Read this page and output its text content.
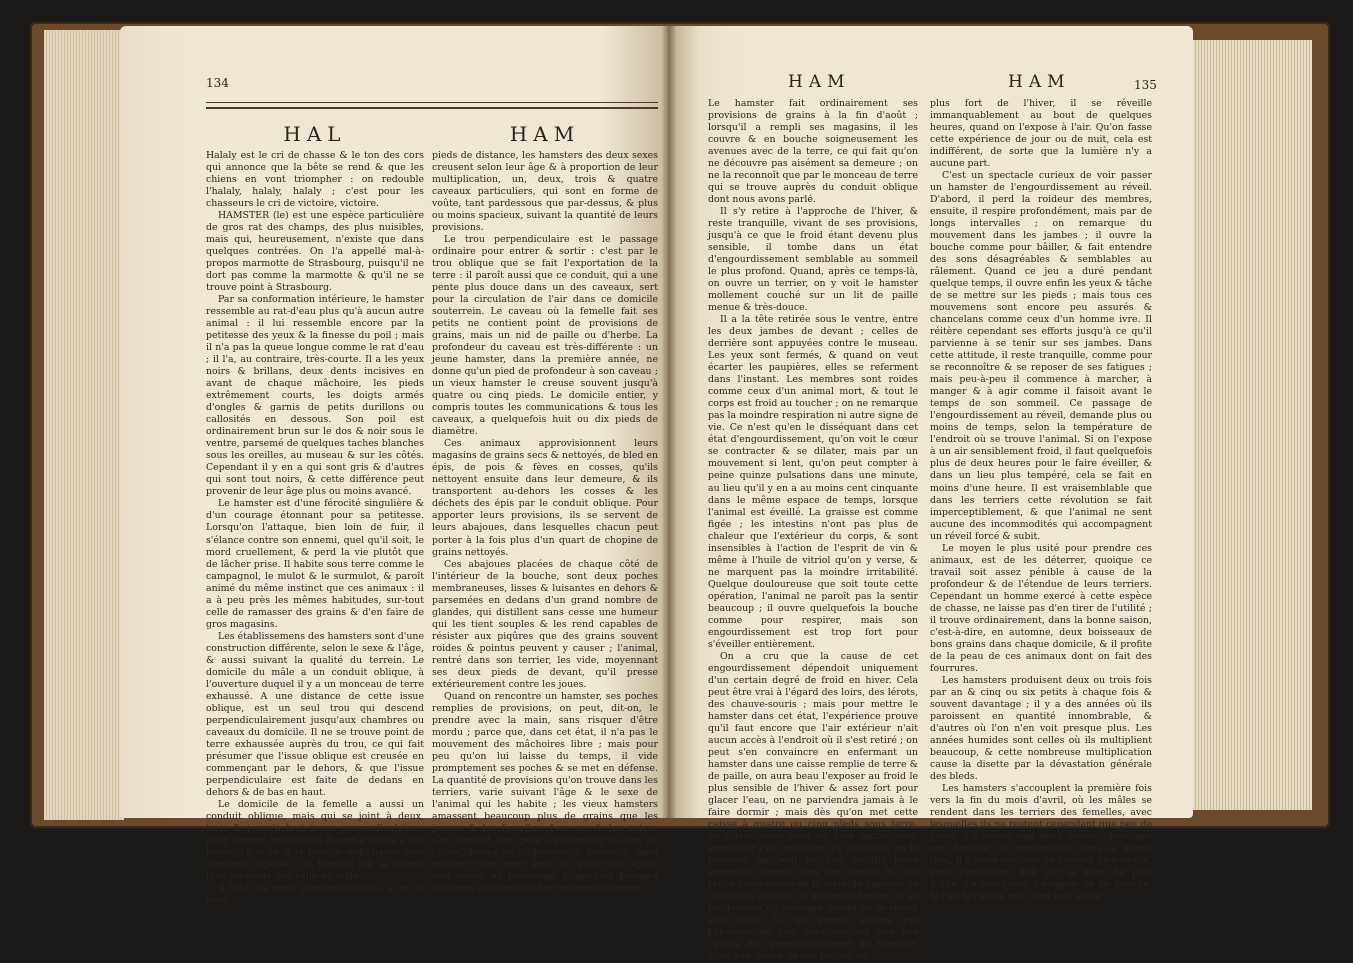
134
HAL

Halaly est le cri de chasse & le ton des cors qui annonce que la bête se rend & que les chiens en vont triompher : on redouble l'halaly, halaly, halaly ; c'est pour les chasseurs le cri de victoire, victoire.

HAMSTER (le) est une espèce particulière de gros rat des champs, des plus nuisibles, mais qui, heureusement, n'existe que dans quelques contrées. On l'a appellé mal-à-propos marmotte de Strasbourg, puisqu'il ne dort pas comme la marmotte & qu'il ne se trouve point à Strasbourg.

Par sa conformation intérieure, le hamster ressemble au rat-d'eau plus qu'à aucun autre animal : il lui ressemble encore par la petitesse des yeux & la finesse du poil ; mais il n'a pas la queue longue comme le rat d'eau ; il l'a, au contraire, très-courte. Il a les yeux noirs & brillans, deux dents incisives en avant de chaque mâchoire, les pieds extrêmement courts, les doigts armés d'ongles & garnis de petits durillons ou callosités en dessous. Son poil est ordinairement brun sur le dos & noir sous le ventre, parsemé de quelques taches blanches sous les oreilles, au museau & sur les côtés. Cependant il y en a qui sont gris & d'autres qui sont tout noirs, & cette différence peut provenir de leur âge plus ou moins avancé.

Le hamster est d'une férocité singulière & d'un courage étonnant pour sa petitesse. Lorsqu'on l'attaque, bien loin de fuir, il s'élance contre son ennemi, quel qu'il soit, le mord cruellement, & perd la vie plutôt que de lâcher prise. Il habite sous terre comme le campagnol, le mulot & le surmulot, & paroît animé du même instinct que ces animaux : il a à peu près les mêmes habitudes, sur-tout celle de ramasser des grains & d'en faire de gros magasins.

Les établissemens des hamsters sont d'une construction différente, selon le sexe & l'âge, & aussi suivant la qualité du terrein. Le domicile du mâle a un conduit oblique, à l'ouverture duquel il y a un monceau de terre exhaussé. A une distance de cette issue oblique, est un seul trou qui descend perpendiculairement jusqu'aux chambres ou caveaux du domicile. Il ne se trouve point de terre exhaussée auprès du trou, ce qui fait présumer que l'issue oblique est creusée en commençant par le dehors, & que l'issue perpendiculaire est faite de dedans en dehors & de bas en haut.

Le domicile de la femelle a aussi un conduit oblique, mais qui se joint à deux, trois & jusqu'à huit trous perpendiculaires, pour donner une entrée & sortie libres à ses petits. Le mâle & la femelle ont chacun leur demeure séparée ; la femelle fait la sienne plus profonde que celle du mâle.

A côté des trous perpendiculaires, à un ou deux

HAM

pieds de distance, les hamsters des deux sexes creusent selon leur âge & à proportion de leur multiplication, un, deux, trois & quatre caveaux particuliers, qui sont en forme de voûte, tant pardessous que par-dessus, & plus ou moins spacieux, suivant la quantité de leurs provisions.

Le trou perpendiculaire est le passage ordinaire pour entrer & sortir : c'est par le trou oblique que se fait l'exportation de la terre : il paroît aussi que ce conduit, qui a une pente plus douce dans un des caveaux, sert pour la circulation de l'air dans ce domicile souterrein. Le caveau où la femelle fait ses petits ne contient point de provisions de grains, mais un nid de paille ou d'herbe. La profondeur du caveau est très-différente : un jeune hamster, dans la première année, ne donne qu'un pied de profondeur à son caveau ; un vieux hamster le creuse souvent jusqu'à quatre ou cinq pieds. Le domicile entier, y compris toutes les communications & tous les caveaux, a quelquefois huit ou dix pieds de diamètre.

Ces animaux approvisionnent leurs magasins de grains secs & nettoyés, de bled en épis, de pois & fèves en cosses, qu'ils nettoyent ensuite dans leur demeure, & ils transportent au-dehors les cosses & les déchets des épis par le conduit oblique. Pour apporter leurs provisions, ils se servent de leurs abajoues, dans lesquelles chacun peut porter à la fois plus d'un quart de chopine de grains nettoyés.

Ces abajoues placées de chaque côté de l'intérieur de la bouche, sont deux poches membraneuses, lisses & luisantes en dehors & parsemées en dedans d'un grand nombre de glandes, qui distillent sans cesse une humeur qui les tient souples & les rend capables de résister aux piqûres que des grains souvent roides & pointus peuvent y causer ; l'animal, rentré dans son terrier, les vide, moyennant ses deux pieds de devant, qu'il presse extérieurement contre les joues.

Quand on rencontre un hamster, ses poches remplies de provisions, on peut, dit-on, le prendre avec la main, sans risquer d'être mordu ; parce que, dans cet état, il n'a pas le mouvement des mâchoires libre ; mais pour peu qu'on lui laisse du temps, il vide promptement ses poches & se met en défense. La quantité de provisions qu'on trouve dans les terriers, varie suivant l'âge & le sexe de l'animal qui les habite ; les vieux hamsters amassent beaucoup plus de grains que les jeunes & les femelles. Les uns & les autres s'en servent, non pour s'en nourrir au fort de l'hiver, temps qu'ils passent à dormir & sans manger, mais pour avoir de quoi vivre après leur réveil, au printemps & pendant l'espace de temps qui précède leur engourdissement.

HAM	HAM	135

Le hamster fait ordinairement ses provisions de grains à la fin d'août ; lorsqu'il a rempli ses magasins, il les couvre & en bouche soigneusement les avenues avec de la terre, ce qui fait qu'on ne découvre pas aisément sa demeure ; on ne la reconnoît que par le monceau de terre qui se trouve auprès du conduit oblique dont nous avons parlé.

Il s'y retire à l'approche de l'hiver, & reste tranquille, vivant de ses provisions, jusqu'à ce que le froid étant devenu plus sensible, il tombe dans un état d'engourdissement semblable au sommeil le plus profond. Quand, après ce temps-là, on ouvre un terrier, on y voit le hamster mollement couché sur un lit de paille menue & très-douce.

Il a la tête retirée sous le ventre, entre les deux jambes de devant ; celles de derrière sont appuyées contre le museau. Les yeux sont fermés, & quand on veut écarter les paupières, elles se referment dans l'instant. Les membres sont roides comme ceux d'un animal mort, & tout le corps est froid au toucher ; on ne remarque pas la moindre respiration ni autre signe de vie. Ce n'est qu'en le disséquant dans cet état d'engourdissement, qu'on voit le cœur se contracter & se dilater, mais par un mouvement si lent, qu'on peut compter à peine quinze pulsations dans une minute, au lieu qu'il y en a au moins cent cinquante dans le même espace de temps, lorsque l'animal est éveillé. La graisse est comme figée ; les intestins n'ont pas plus de chaleur que l'extérieur du corps, & sont insensibles à l'action de l'esprit de vin & même à l'huile de vitriol qu'on y verse, & ne marquent pas la moindre irritabilité. Quelque douloureuse que soit toute cette opération, l'animal ne paroît pas la sentir beaucoup ; il ouvre quelquefois la bouche comme pour respirer, mais son engourdissement est trop fort pour s'éveiller entièrement.

On a cru que la cause de cet engourdissement dépendoit uniquement d'un certain degré de froid en hiver. Cela peut être vrai à l'égard des loirs, des lérots, des chauve-souris ; mais pour mettre le hamster dans cet état, l'expérience prouve qu'il faut encore que l'air extérieur n'ait aucun accès à l'endroit où il s'est retiré ; on peut s'en convaincre en enfermant un hamster dans une caisse remplie de terre & de paille, on aura beau l'exposer au froid le plus sensible de l'hiver & assez fort pour glacer l'eau, on ne parviendra jamais à le faire dormir ; mais dès qu'on met cette caisse à quatre ou cinq pieds sous terre, qu'il faut avoir soin de bien battre pour empêcher l'air extérieur d'y pénétrer, on le trouvera au bout de huit ou dix jours engourdi comme dans son terrier. Si l'on retire cette caisse de la terre, le hamster se réveillera au bout de quelques heures, & se rendormira de nouveau quand on le remet sous terre. Ce qui prouve encore que l'absence de l'air extérieur est une des causes de l'engourdissement du hamster, c'est que, retiré de son terrier, au

plus fort de l'hiver, il se réveille immanquablement au bout de quelques heures, quand on l'expose à l'air. Qu'on fasse cette expérience de jour ou de nuit, cela est indifférent, de sorte que la lumière n'y a aucune part.

C'est un spectacle curieux de voir passer un hamster de l'engourdissement au réveil. D'abord, il perd la roideur des membres, ensuite, il respire profondément, mais par de longs intervalles ; on remarque du mouvement dans les jambes ; il ouvre la bouche comme pour bâiller, & fait entendre des sons désagréables & semblables au râlement. Quand ce jeu a duré pendant quelque temps, il ouvre enfin les yeux & tâche de se mettre sur les pieds ; mais tous ces mouvemens sont encore peu assurés & chancelans comme ceux d'un homme ivre. Il réitère cependant ses efforts jusqu'à ce qu'il parvienne à se tenir sur ses jambes. Dans cette attitude, il reste tranquille, comme pour se reconnoître & se reposer de ses fatigues ; mais peu-à-peu il commence à marcher, à manger & à agir comme il faisoit avant le temps de son sommeil. Ce passage de l'engourdissement au réveil, demande plus ou moins de temps, selon la température de l'endroit où se trouve l'animal. Si on l'expose à un air sensiblement froid, il faut quelquefois plus de deux heures pour le faire éveiller, & dans un lieu plus tempéré, cela se fait en moins d'une heure. Il est vraisemblable que dans les terriers cette révolution se fait imperceptiblement, & que l'animal ne sent aucune des incommodités qui accompagnent un réveil forcé & subit.

Le moyen le plus usité pour prendre ces animaux, est de les déterrer, quoique ce travail soit assez pénible à cause de la profondeur & de l'étendue de leurs terriers. Cependant un homme exercé à cette espèce de chasse, ne laisse pas d'en tirer de l'utilité ; il trouve ordinairement, dans la bonne saison, c'est-à-dire, en automne, deux boisseaux de bons grains dans chaque domicile, & il profite de la peau de ces animaux dont on fait des fourrures.

Les hamsters produisent deux ou trois fois par an & cinq ou six petits à chaque fois & souvent davantage ; il y a des années où ils paroissent en quantité innombrable, & d'autres où l'on n'en voit presque plus. Les années humides sont celles où ils multiplient beaucoup, & cette nombreuse multiplication cause la disette par la dévastation générale des bleds.

Les hamsters s'accouplent la première fois vers la fin du mois d'avril, où les mâles se rendent dans les terriers des femelles, avec lesquelles ils ne restent cependant que peu de jours. S'il arrive que deux mâles, cherchant une femelle, se rencontrent dans le même trou, il s'élève entr'eux un combat furieux qui, pour l'ordinaire, finit par la mort du plus foible. Le vainqueur s'empare de sa femelle, & l'un & l'autre qui, dans tout autre
